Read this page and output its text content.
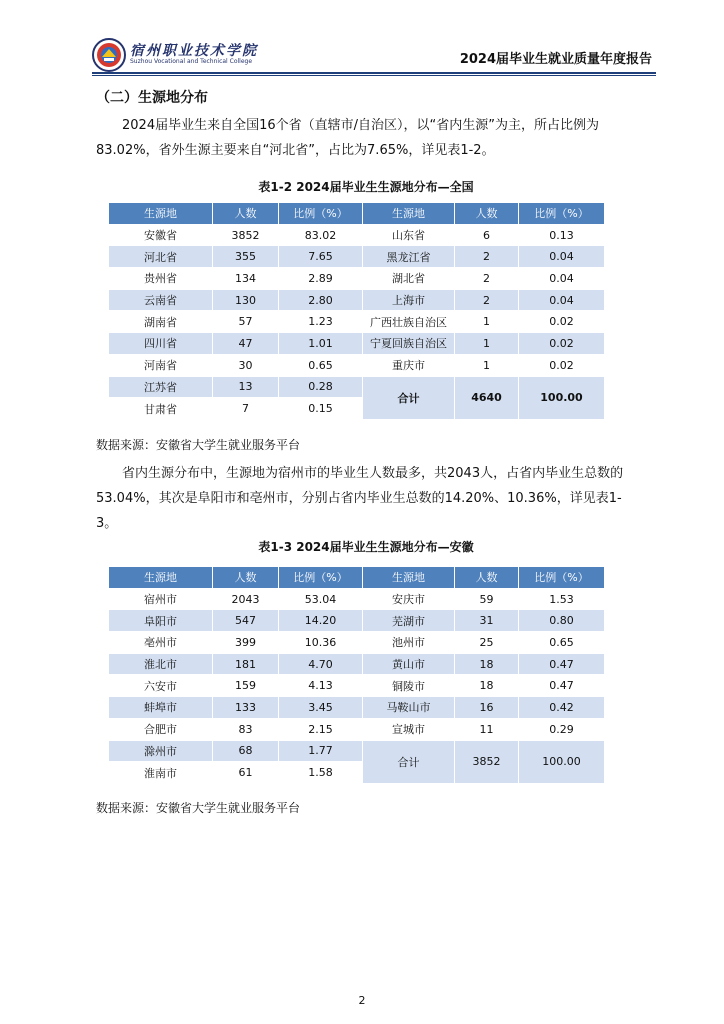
宿州职业技术学院
Suzhou Vocational and Technical College	2024届毕业生就业质量年度报告
（二）生源地分布

2024届毕业生来自全国16个省（直辖市/自治区），以“省内生源”为主，所占比例为83.02%，省外生源主要来自“河北省”，占比为7.65%，详见表1-2。

表1-2 2024届毕业生生源地分布—全国
生源地	人数	比例（%）	生源地	人数	比例（%）
安徽省	3852	83.02	山东省	6	0.13
河北省	355	7.65	黑龙江省	2	0.04
贵州省	134	2.89	湖北省	2	0.04
云南省	130	2.80	上海市	2	0.04
湖南省	57	1.23	广西壮族自治区	1	0.02
四川省	47	1.01	宁夏回族自治区	1	0.02
河南省	30	0.65	重庆市	1	0.02
江苏省	13	0.28	合计	4640	100.00
甘肃省	7	0.15			
数据来源：安徽省大学生就业服务平台

省内生源分布中，生源地为宿州市的毕业生人数最多，共2043人，占省内毕业生总数的53.04%，其次是阜阳市和亳州市，分别占省内毕业生总数的14.20%、10.36%，详见表1-3。

表1-3 2024届毕业生生源地分布—安徽
生源地	人数	比例（%）	生源地	人数	比例（%）
宿州市	2043	53.04	安庆市	59	1.53
阜阳市	547	14.20	芜湖市	31	0.80
亳州市	399	10.36	池州市	25	0.65
淮北市	181	4.70	黄山市	18	0.47
六安市	159	4.13	铜陵市	18	0.47
蚌埠市	133	3.45	马鞍山市	16	0.42
合肥市	83	2.15	宣城市	11	0.29
滁州市	68	1.77	合计	3852	100.00
淮南市	61	1.58			
数据来源：安徽省大学生就业服务平台
2
